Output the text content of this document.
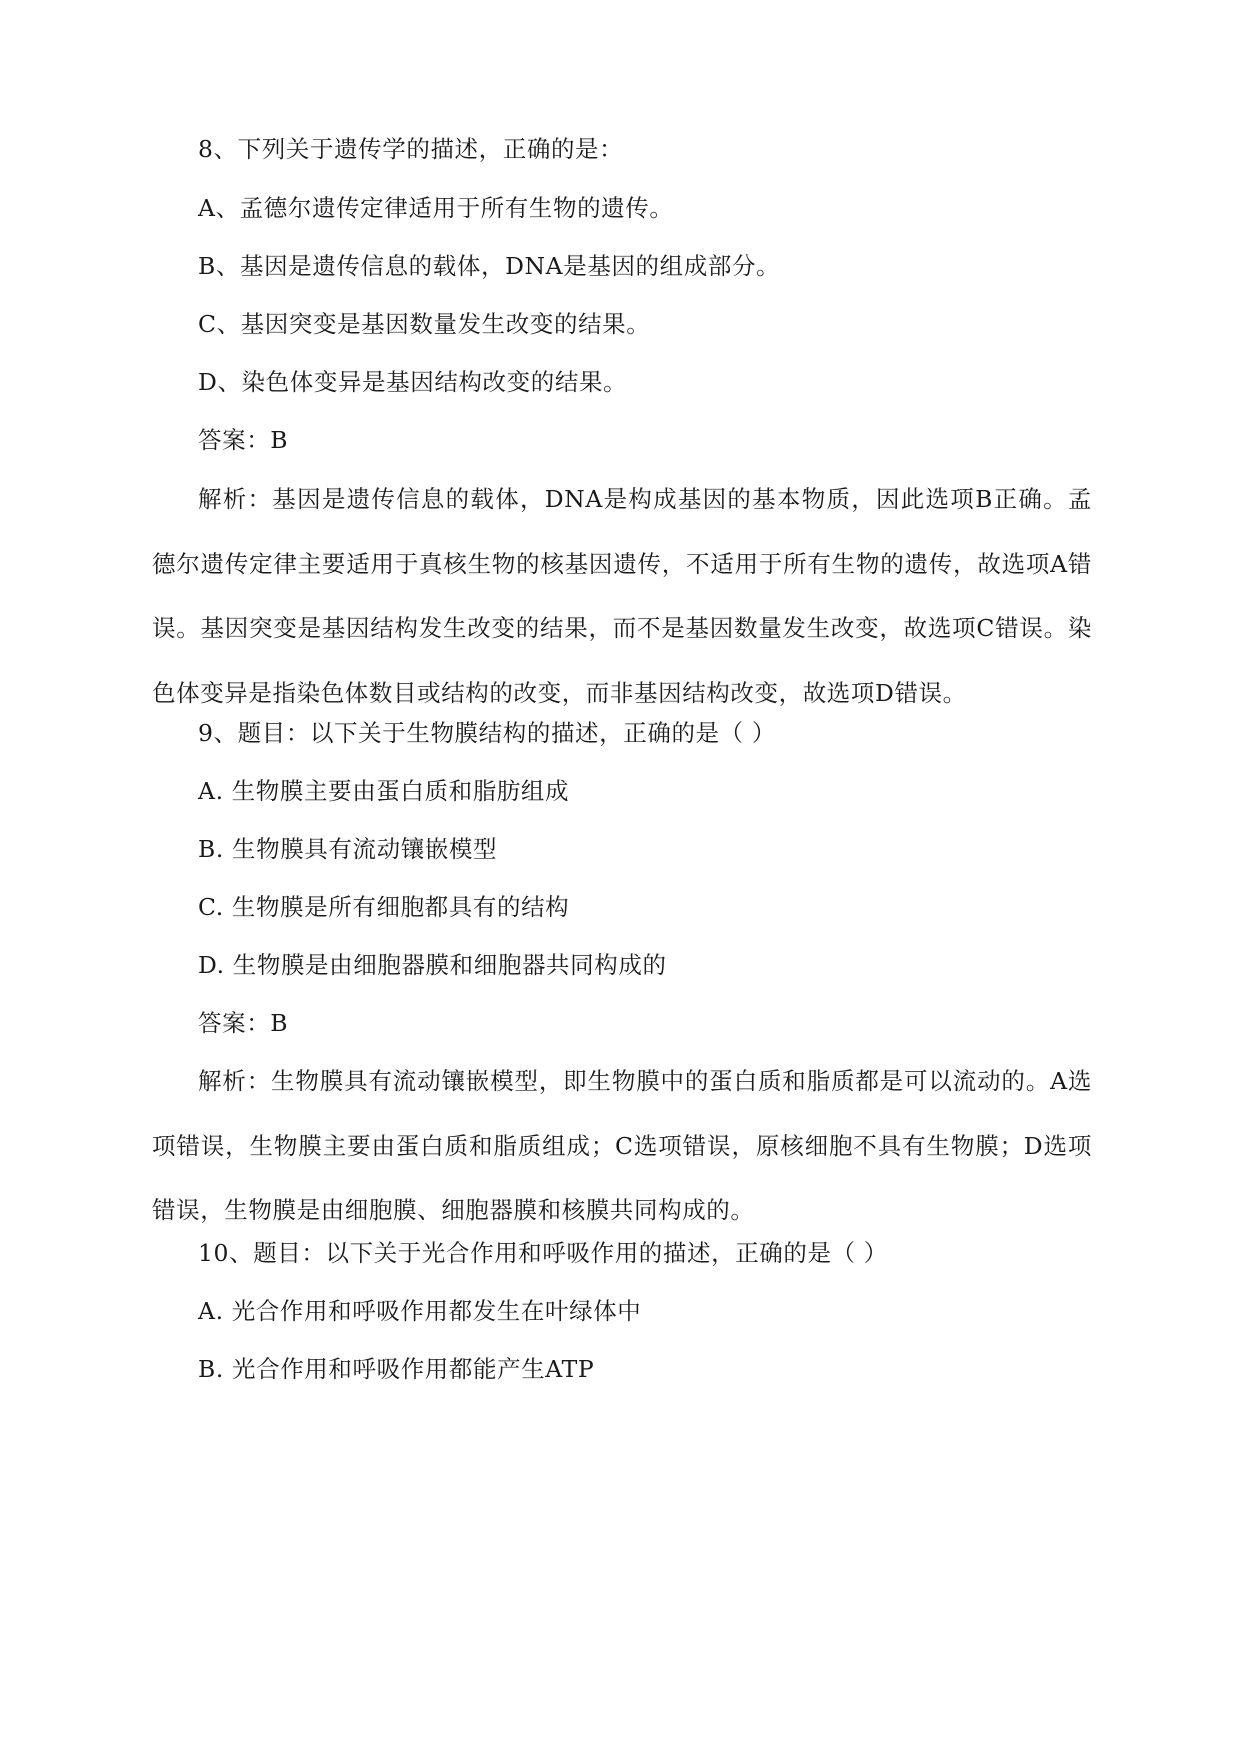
8、下列关于遗传学的描述，正确的是：
A、孟德尔遗传定律适用于所有生物的遗传。
B、基因是遗传信息的载体，DNA是基因的组成部分。
C、基因突变是基因数量发生改变的结果。
D、染色体变异是基因结构改变的结果。
答案：B
解析：基因是遗传信息的载体，DNA是构成基因的基本物质，因此选项B正确。孟德尔遗传定律主要适用于真核生物的核基因遗传，不适用于所有生物的遗传，故选项A错误。基因突变是基因结构发生改变的结果，而不是基因数量发生改变，故选项C错误。染色体变异是指染色体数目或结构的改变，而非基因结构改变，故选项D错误。
9、题目：以下关于生物膜结构的描述，正确的是（ ）
A. 生物膜主要由蛋白质和脂肪组成
B. 生物膜具有流动镶嵌模型
C. 生物膜是所有细胞都具有的结构
D. 生物膜是由细胞器膜和细胞器共同构成的
答案：B
解析：生物膜具有流动镶嵌模型，即生物膜中的蛋白质和脂质都是可以流动的。A选项错误，生物膜主要由蛋白质和脂质组成；C选项错误，原核细胞不具有生物膜；D选项错误，生物膜是由细胞膜、细胞器膜和核膜共同构成的。
10、题目：以下关于光合作用和呼吸作用的描述，正确的是（ ）
A. 光合作用和呼吸作用都发生在叶绿体中
B. 光合作用和呼吸作用都能产生ATP
